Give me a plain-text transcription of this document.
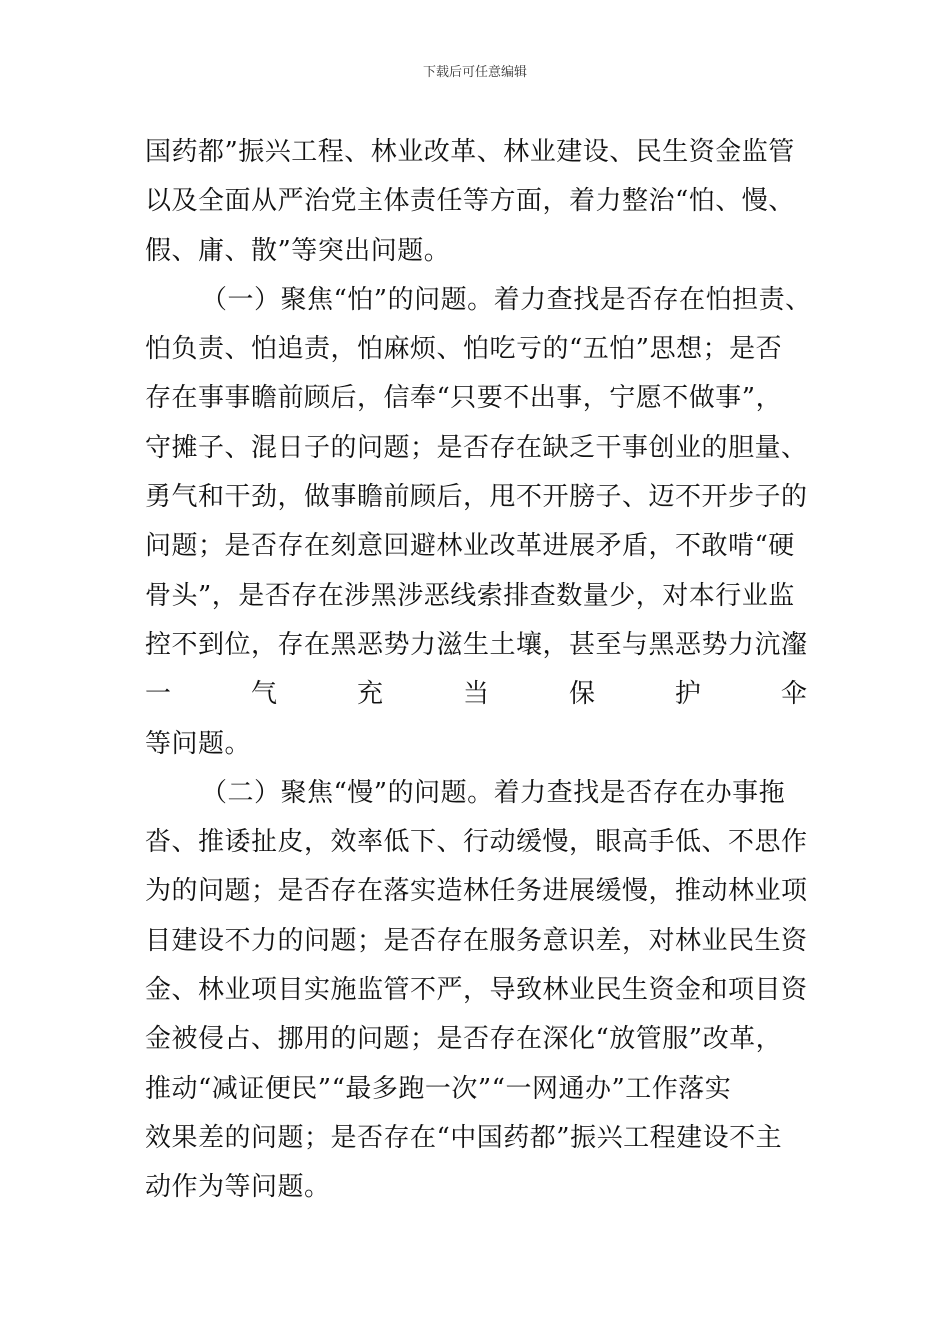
下载后可任意编辑
国药都”振兴工程、林业改革、林业建设、民生资金监管
以及全面从严治党主体责任等方面，着力整治“怕、慢、
假、庸、散”等突出问题。
（一）聚焦“怕”的问题。着力查找是否存在怕担责、
怕负责、怕追责，怕麻烦、怕吃亏的“五怕”思想；是否
存在事事瞻前顾后，信奉“只要不出事，宁愿不做事”，
守摊子、混日子的问题；是否存在缺乏干事创业的胆量、
勇气和干劲，做事瞻前顾后，甩不开膀子、迈不开步子的
问题；是否存在刻意回避林业改革进展矛盾，不敢啃“硬
骨头”，是否存在涉黑涉恶线索排查数量少，对本行业监
控不到位，存在黑恶势力滋生土壤，甚至与黑恶势力沆瀣
一	气	充	当	保	护	伞
等问题。
（二）聚焦“慢”的问题。着力查找是否存在办事拖
沓、推诿扯皮，效率低下、行动缓慢，眼高手低、不思作
为的问题；是否存在落实造林任务进展缓慢，推动林业项
目建设不力的问题；是否存在服务意识差，对林业民生资
金、林业项目实施监管不严，导致林业民生资金和项目资
金被侵占、挪用的问题；是否存在深化“放管服”改革，
推动“减证便民”“最多跑一次”“一网通办”工作落实
效果差的问题；是否存在“中国药都”振兴工程建设不主
动作为等问题。
